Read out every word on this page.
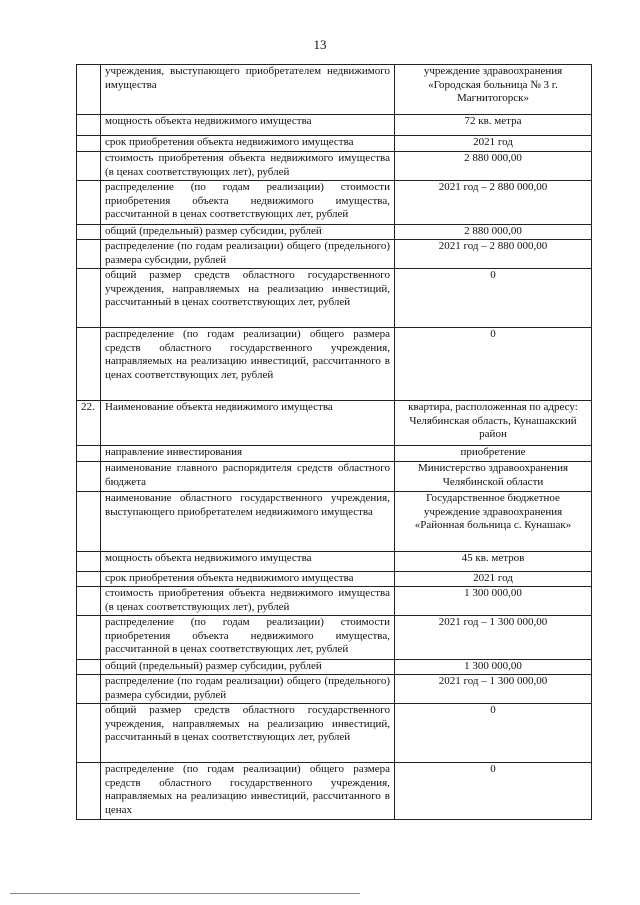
13
	учреждения, выступающего приобретателем недвижимого имущества	учреждение здравоохранения «Городская больница № 3 г. Магнитогорск»
	мощность объекта недвижимого имущества	72 кв. метра
	срок приобретения объекта недвижимого имущества	2021 год
	стоимость приобретения объекта недвижимого имущества (в ценах соответствующих лет), рублей	2 880 000,00
	распределение (по годам реализации) стоимости приобретения объекта недвижимого имущества, рассчитанной в ценах соответствующих лет, рублей	2021 год – 2 880 000,00
	общий (предельный) размер субсидии, рублей	2 880 000,00
	распределение (по годам реализации) общего (предельного) размера субсидии, рублей	2021 год – 2 880 000,00
	общий размер средств областного государственного учреждения, направляемых на реализацию инвестиций, рассчитанный в ценах соответствующих лет, рублей	0
	распределение (по годам реализации) общего размера средств областного государственного учреждения, направляемых на реализацию инвестиций, рассчитанного в ценах соответствующих лет, рублей	0
22.	Наименование объекта недвижимого имущества	квартира, расположенная по адресу: Челябинская область, Кунашакский район
	направление инвестирования	приобретение
	наименование главного распорядителя средств областного бюджета	Министерство здравоохранения Челябинской области
	наименование областного государственного учреждения, выступающего приобретателем недвижимого имущества	Государственное бюджетное учреждение здравоохранения «Районная больница с. Кунашак»
	мощность объекта недвижимого имущества	45 кв. метров
	срок приобретения объекта недвижимого имущества	2021 год
	стоимость приобретения объекта недвижимого имущества (в ценах соответствующих лет), рублей	1 300 000,00
	распределение (по годам реализации) стоимости приобретения объекта недвижимого имущества, рассчитанной в ценах соответствующих лет, рублей	2021 год – 1 300 000,00
	общий (предельный) размер субсидии, рублей	1 300 000,00
	распределение (по годам реализации) общего (предельного) размера субсидии, рублей	2021 год – 1 300 000,00
	общий размер средств областного государственного учреждения, направляемых на реализацию инвестиций, рассчитанный в ценах соответствующих лет, рублей	0
	распределение (по годам реализации) общего размера средств областного государственного учреждения, направляемых на реализацию инвестиций, рассчитанного в ценах	0
